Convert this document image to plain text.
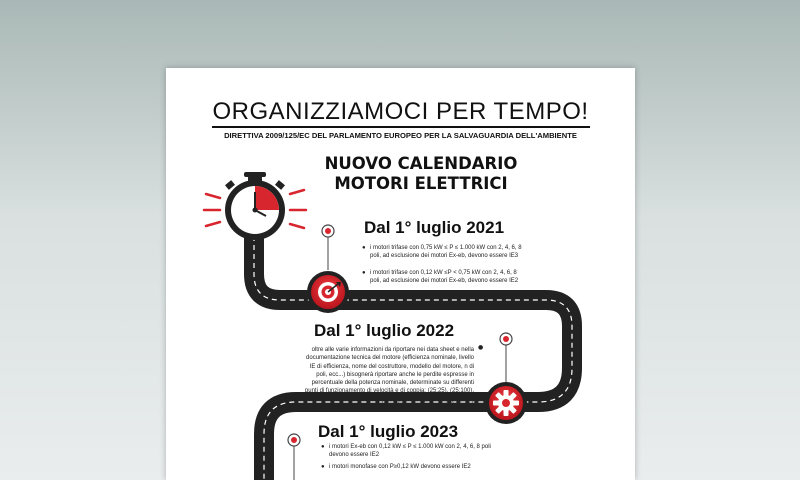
ORGANIZZIAMOCI PER TEMPO!
DIRETTIVA 2009/125/EC DEL PARLAMENTO EUROPEO PER LA SALVAGUARDIA DELL'AMBIENTE
NUOVO CALENDARIO
MOTORI ELETTRICI
Dal 1° luglio 2021
● i motori trifase con 0,75 kW ≤ P ≤ 1.000 kW con 2, 4, 6, 8
poli, ad esclusione dei motori Ex-eb, devono essere IE3
● i motori trifase con 0,12 kW ≤P < 0,75 kW con 2, 4, 6, 8
poli, ad esclusione dei motori Ex-eb, devono essere IE2
Dal 1° luglio 2022
oltre alle varie informazioni da riportare nei data sheet e nella
documentazione tecnica del motore (efficienza nominale, livello
IE di efficienza, nome del costruttore, modello del motore, n di
poli, ecc...) bisognerà riportare anche le perdite espresse in
percentuale della potenza nominale, determinate su differenti
punti di funzionamento di velocità e di coppia: (25;25), (25;100),
(50;25), (50;50), (50;100), (90;50), (90;100)
●
Dal 1° luglio 2023
● i motori Ex-eb con 0,12 kW ≤ P ≤ 1.000 kW con 2, 4, 6, 8 poli
devono essere IE2
● i motori monofase con P≥0,12 kW devono essere IE2
